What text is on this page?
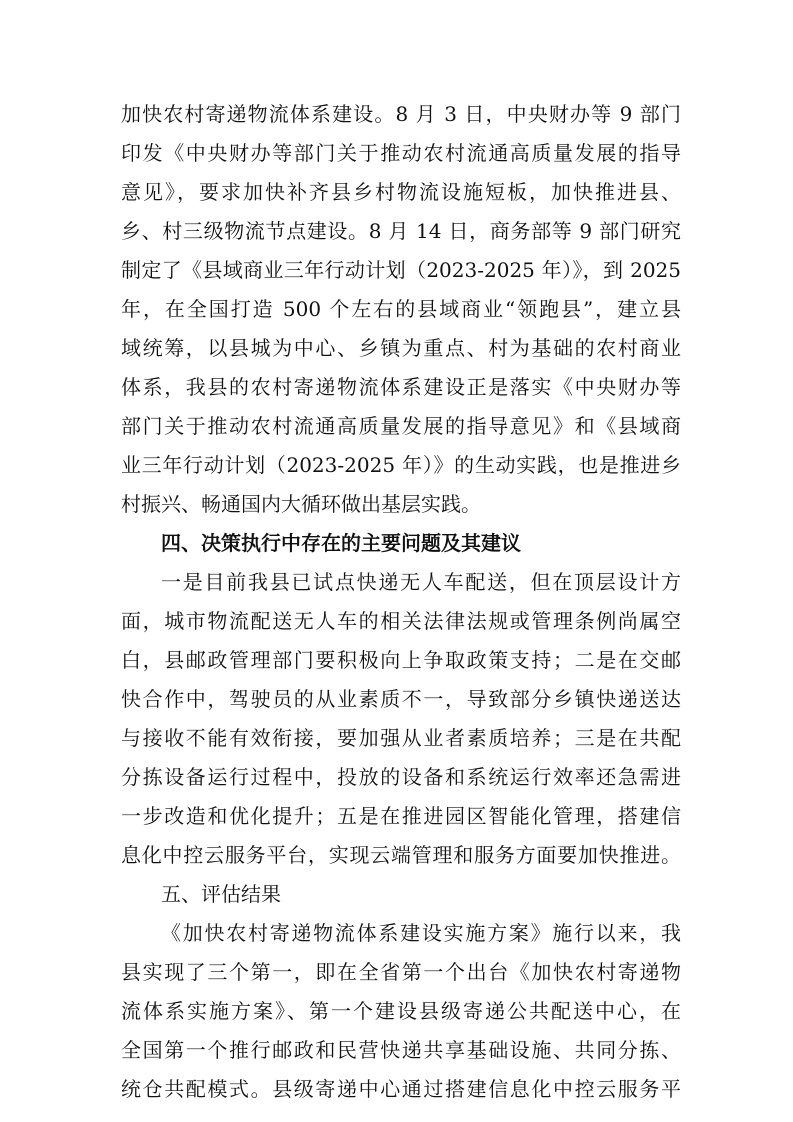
加快农村寄递物流体系建设。8 月 3 日，中央财办等 9 部门
印发《中央财办等部门关于推动农村流通高质量发展的指导
意见》，要求加快补齐县乡村物流设施短板，加快推进县、
乡、村三级物流节点建设。8 月 14 日，商务部等 9 部门研究
制定了《县域商业三年行动计划（2023-2025 年）》，到 2025
年，在全国打造 500 个左右的县域商业“领跑县”，建立县
域统筹，以县城为中心、乡镇为重点、村为基础的农村商业
体系，我县的农村寄递物流体系建设正是落实《中央财办等
部门关于推动农村流通高质量发展的指导意见》和《县域商
业三年行动计划（2023-2025 年）》的生动实践，也是推进乡
村振兴、畅通国内大循环做出基层实践。
四、决策执行中存在的主要问题及其建议
一是目前我县已试点快递无人车配送，但在顶层设计方
面，城市物流配送无人车的相关法律法规或管理条例尚属空
白，县邮政管理部门要积极向上争取政策支持；二是在交邮
快合作中，驾驶员的从业素质不一，导致部分乡镇快递送达
与接收不能有效衔接，要加强从业者素质培养；三是在共配
分拣设备运行过程中，投放的设备和系统运行效率还急需进
一步改造和优化提升；五是在推进园区智能化管理，搭建信
息化中控云服务平台，实现云端管理和服务方面要加快推进。
五、评估结果
《加快农村寄递物流体系建设实施方案》施行以来，我
县实现了三个第一，即在全省第一个出台《加快农村寄递物
流体系实施方案》、第一个建设县级寄递公共配送中心，在
全国第一个推行邮政和民营快递共享基础设施、共同分拣、
统仓共配模式。县级寄递中心通过搭建信息化中控云服务平
